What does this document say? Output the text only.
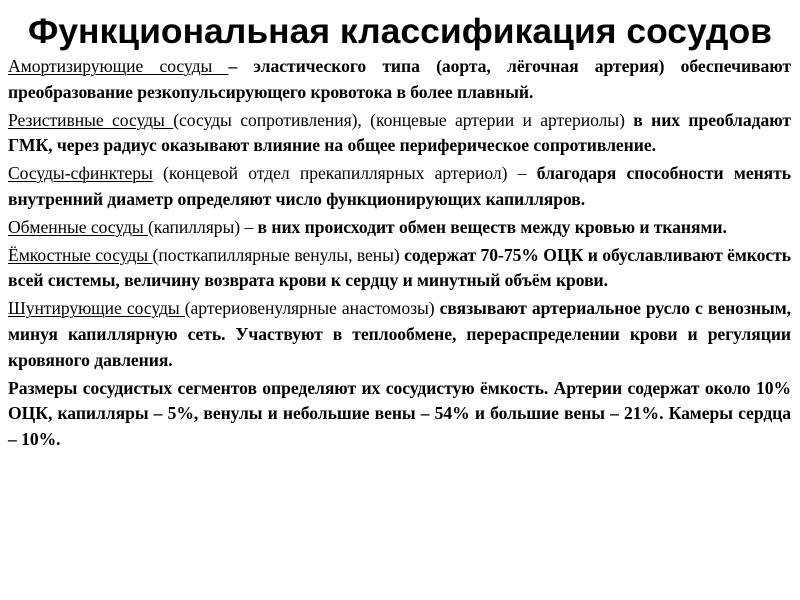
Функциональная классификация сосудов

Амортизирующие сосуды – эластического типа (аорта, лёгочная артерия) обеспечивают преобразование резкопульсирующего кровотока в более плавный.

Резистивные сосуды (сосуды сопротивления), (концевые артерии и артериолы) в них преобладают ГМК, через радиус оказывают влияние на общее периферическое сопротивление.

Сосуды-сфинктеры (концевой отдел прекапиллярных артериол) – благодаря способности менять внутренний диаметр определяют число функционирующих капилляров.

Обменные сосуды (капилляры) – в них происходит обмен веществ между кровью и тканями.

Ёмкостные сосуды (посткапиллярные венулы, вены) содержат 70-75% ОЦК и обуславливают ёмкость всей системы, величину возврата крови к сердцу и минутный объём крови.

Шунтирующие сосуды (артериовенулярные анастомозы) связывают артериальное русло с венозным, минуя капиллярную сеть. Участвуют в теплообмене, перераспределении крови и регуляции кровяного давления.

Размеры сосудистых сегментов определяют их сосудистую ёмкость. Артерии содержат около 10% ОЦК, капилляры – 5%, венулы и небольшие вены – 54% и большие вены – 21%. Камеры сердца – 10%.
